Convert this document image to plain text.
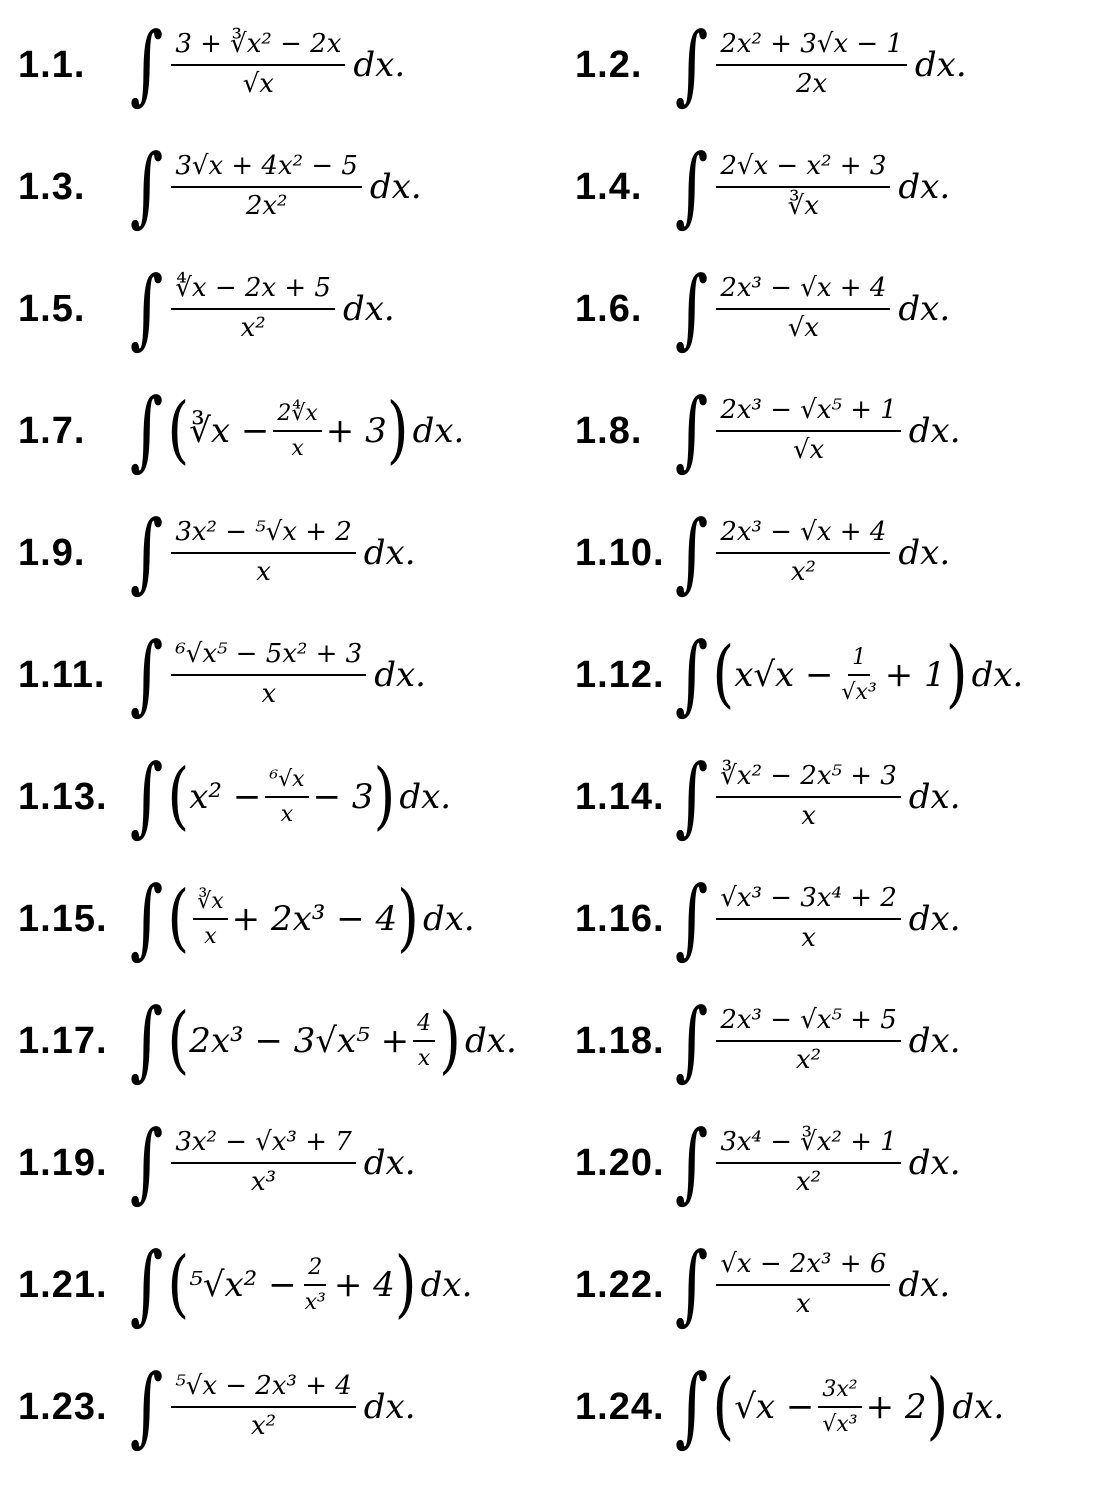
1.1. ∫ $\frac{\text{3 + ∛x² − 2x}}{√x}$ dx.	1.2. ∫ $\frac{\text{2x² + 3√x − 1}}{2x}$ dx.
1.3. ∫ $\frac{\text{3√x + 4x² − 5}}{\text{2x²}}$ dx.	1.4. ∫ $\frac{\text{2√x − x² + 3}}{∛x}$ dx.
1.5. ∫ $\frac{∜x - 2x + 5}{\text{x²}}$ dx.	1.6. ∫ $\frac{\text{2x³ − √x + 4}}{√x}$ dx.
1.7. ∫ ( ∛x − $\frac{2∜x}{x} + 3$ ) dx.	1.8. ∫ $\frac{\text{2x³ − √x⁵ + 1}}{√x}$ dx.
1.9. ∫ $\frac{\text{3x² − ⁵√x + 2}}{x}$ dx.	1.10. ∫ $\frac{\text{2x³ − √x + 4}}{\text{x²}}$ dx.
1.11. ∫ $\frac{\text{⁶√x⁵ − 5x² + 3}}{x}$ dx.	1.12. ∫ ( $x√x - \frac{1}{\text{√x³}} + 1$ ) dx.
1.13. ∫ ( $x^2 - \frac{\text{⁶√x}}{x} - 3$ ) dx.	1.14. ∫ $\frac{\text{∛x² − 2x⁵ + 3}}{x}$ dx.
1.15. ∫ ( $\frac{∛x}{x} + 2x^3 - 4$ ) dx.	1.16. ∫ $\frac{\text{√x³ − 3x⁴ + 2}}{x}$ dx.
1.17. ∫ ( $2x^3 - 3√x^5 + \frac{4}{x}$ ) dx. 1.18. ∫ $\frac{\text{2x³ − √x⁵ + 5}}{\text{x²}}$ dx.
1.19. ∫ $\frac{\text{3x² − √x³ + 7}}{\text{x³}}$ dx.	1.20. ∫ $\frac{\text{3x⁴ − ∛x² + 1}}{\text{x²}}$ dx.
1.21. ∫ ( $^5√x^2 - \frac{2}{\text{x³}} + 4$ ) dx.	1.22. ∫ $\frac{\text{√x − 2x³ + 6}}{x}$ dx.
1.23. ∫ $\frac{\text{⁵√x − 2x³ + 4}}{\text{x²}}$ dx.	1.24. ∫ ( $√x - \frac{\text{3x²}}{\text{√x³}} + 2$ ) dx.
